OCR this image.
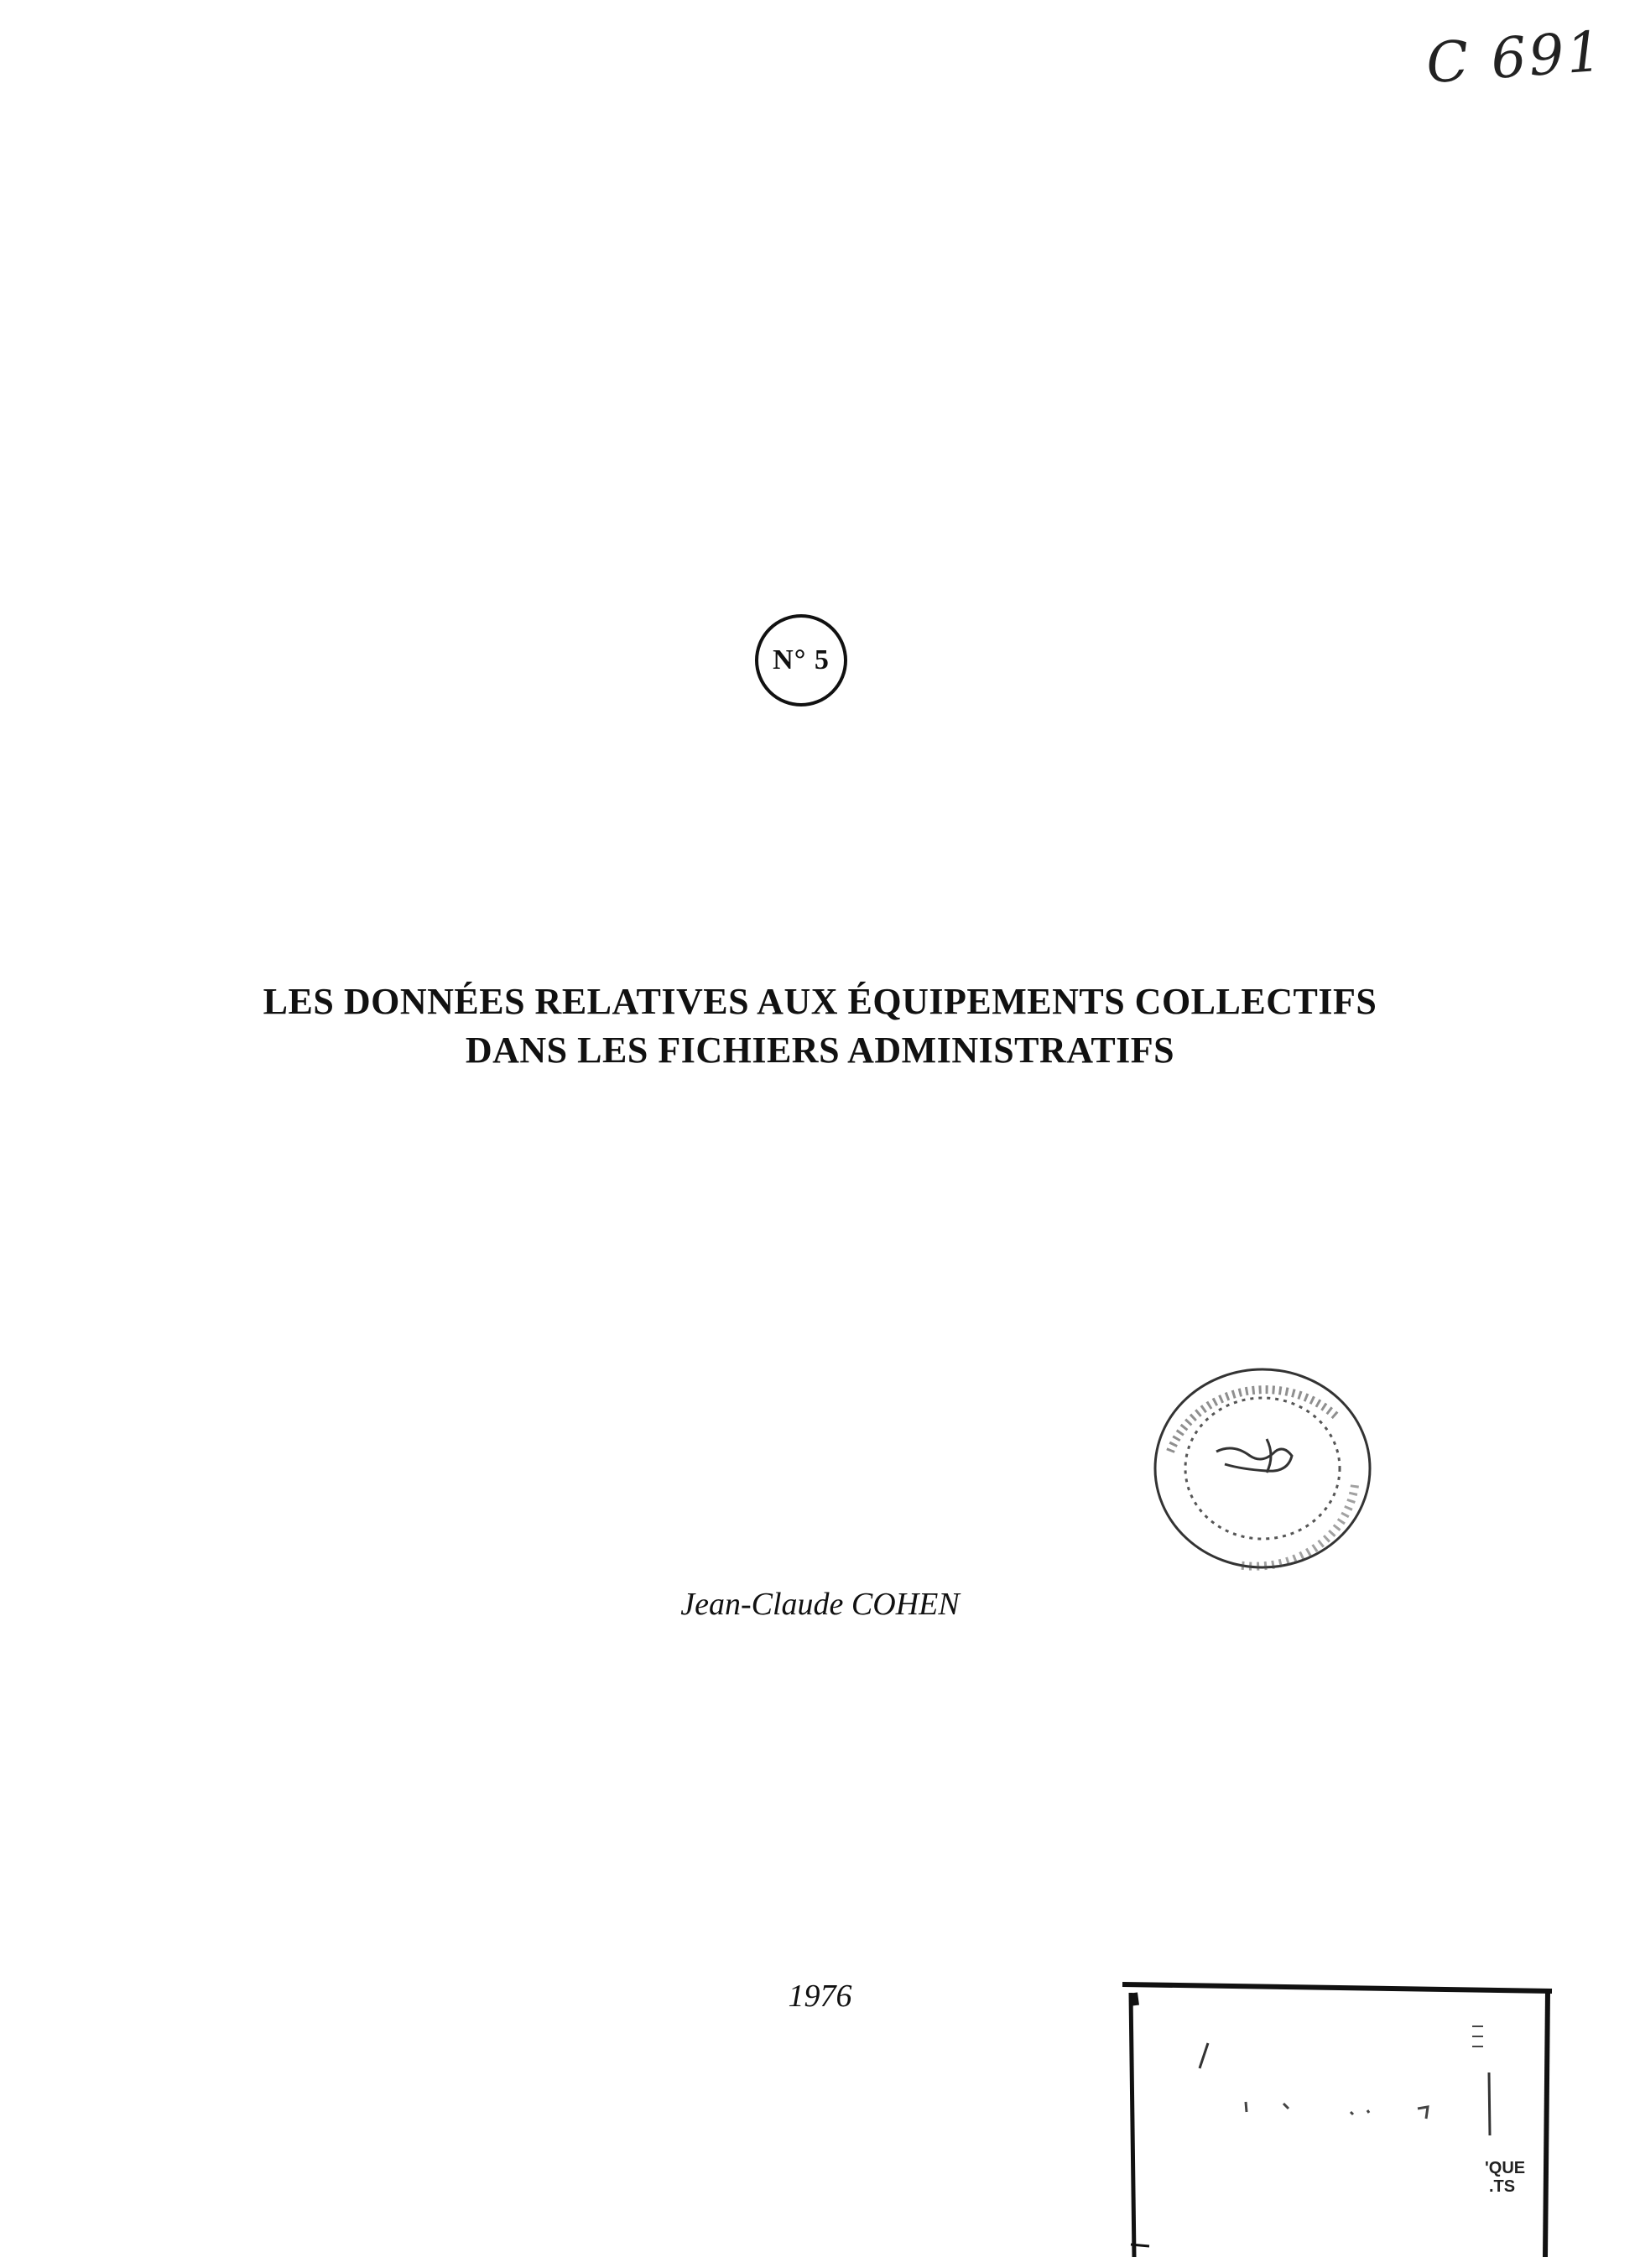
C 691
N° 5
LES DONNÉES RELATIVES AUX ÉQUIPEMENTS COLLECTIFS
DANS LES FICHIERS ADMINISTRATIFS
Jean-Claude COHEN
1976
'QUE
.TS
